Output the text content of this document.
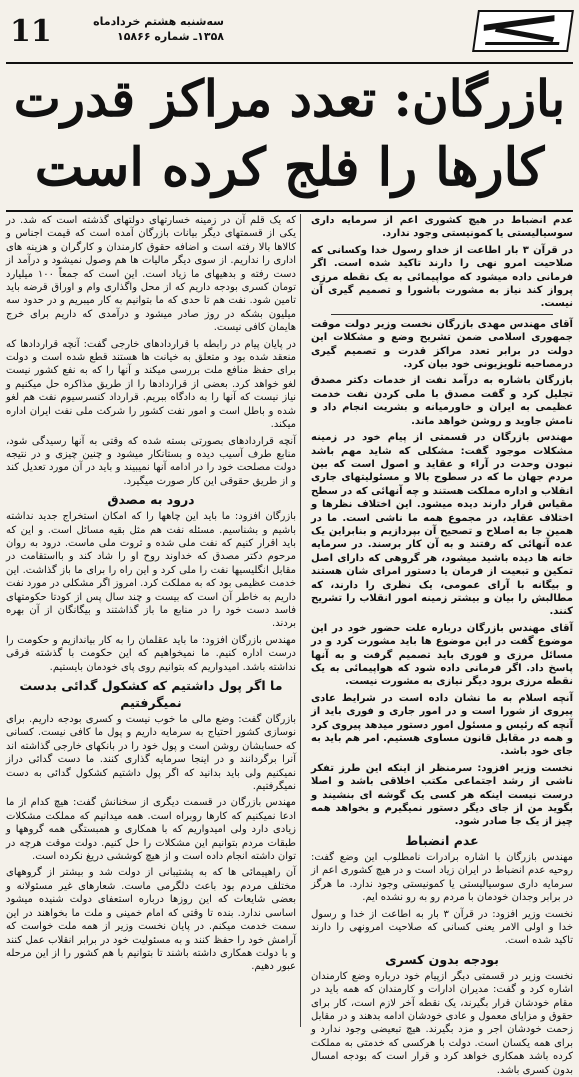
سه‌شنبه هشتم خردادماه
۱۳۵۸ـ شماره ۱۵۸۶۶
11
بازرگان: تعدد مراکز قدرت
کارها را فلج کرده است

عدم انضباط در هیچ کشوری اعم از سرمایه داری سوسیالیستی یا کمونیستی وجود ندارد.

در قرآن ۳ بار اطاعت از خداو رسول خدا وکسانی که صلاحیت امرو نهی را دارند تاکید شده است. اگر فرمانی داده میشود که مواپیمائی به یک نقطه مرزی پرواز کند نیاز به مشورت باشورا و تصمیم گیری آن نیست.

آقای مهندس مهدی بازرگان نخست وزیر دولت موقت جمهوری اسلامی ضمن تشریح وضع و مشکلات این دولت در برابر تعدد مراکز قدرت و تصمیم گیری درمصاحبه تلویزیونی خود بیان کرد.

بازرگان باشاره به درآمد نفت از خدمات دکتر مصدق تجلیل کرد و گفت مصدق با ملی کردن نفت خدمت عظیمی به ایران و خاورمیانه و بشریت انجام داد و نامش جاوید و روشن خواهد ماند.

مهندس بازرگان در قسمتی از پیام خود در زمینه مشکلات موجود گفت: مشکلی که شاید مهم باشد نبودن وحدت در آراء و عقاید و اصول است که بین مردم جهان ما که در سطوح بالا و مسئولیتهای جاری انقلاب و اداره مملکت هستند و چه آنهائی که در سطح مقیاس قرار دارند دیده میشود. این اختلاف نظرها و اختلاف عقاید، در مجموع همه ما ناشی است. ما در همین جا به اصلاح و تصحیح آن بپردازیم و بنابراین یک عده آنهائی که رفتند و به آن کار برسند. در سرمایه خانه ها دیده باشید میشود، هر گروهی که دارای اصل تمکین و تبعیت از فرمان یا دستور امرای شان هستند و بیگانه با آرای عمومی، یک نظری را دارند، که مطالبش را بیان و بیشتر زمینه امور انقلاب را تشریح کنند.

آقای مهندس بازرگان درباره علت حضور خود در این موضوع گفت در این موضوع ها باید مشورت کرد و در مسائل مرزی و فوری باید تصمیم گرفت و به آنها پاسخ داد. اگر فرمانی داده شود که هواپیمائی به یک نقطه مرزی برود دیگر نیازی به مشورت نیست.

آنچه اسلام به ما نشان داده است در شرایط عادی پیروی از شورا است و در امور جاری و فوری باید از آنچه که رئیس و مسئول امور دستور میدهد پیروی کرد و همه در مقابل قانون مساوی هستیم. امر هم باید به جای خود باشد.

نخست وزیر افزود: سرمنظر از اینکه این طرز تفکر ناشی از رشد اجتماعی مکتب اخلاقی باشد و اصلا درست نیست اینکه هر کسی یک گوشه ای بنشیند و بگوید من از جای دیگر دستور نمیگیرم و بخواهد همه چیز از یک جا صادر شود.

عدم انضباط

مهندس بازرگان با اشاره برادرات نامطلوب این وضع گفت: روحیه عدم انضباط در ایران زیاد است و در هیچ کشوری اعم از سرمایه داری سوسیالیستی یا کمونیستی وجود ندارد. ما هرگز در برابر وجدان خودمان با مردم رو به رو نشده ایم.

نخست وزیر افزود: در قرآن ۳ بار به اطاعت از خدا و رسول خدا و اولی الامر یعنی کسانی که صلاحیت امرونهی را دارند تاکید شده است.

بودجه بدون کسری

نخست وزیر در قسمتی دیگر ازپیام خود درباره وضع کارمندان اشاره کرد و گفت: مدیران ادارات و کارمندان که همه باید در مقام خودشان قرار بگیرند، یک نقطه آخر لازم است، کار برای حقوق و مزایای معمول و عادی خودشان ادامه بدهند و در مقابل زحمت خودشان اجر و مزد بگیرند. هیچ تبعیضی وجود ندارد و برای همه یکسان است. دولت با هرکسی که خدمتی به مملکت کرده باشد همکاری خواهد کرد و قرار است که بودجه امسال بدون کسری باشد.

که یک قلم آن در زمینه خسارتهای دولتهای گذشته است که شد. در یکی از قسمتهای دیگر بیانات بازرگان آمده است که قیمت اجناس و کالاها بالا رفته است و اضافه حقوق کارمندان و کارگران و هزینه های اداری را نداریم. از سوی دیگر مالیات ها هم وصول نمیشود و درآمد از دست رفته و بدهیهای ما زیاد است. این است که جمعاً ۱۰۰ میلیارد تومان کسری بودجه داریم که از محل واگذاری وام و اوراق قرضه باید تامین شود. نفت هم تا حدی که ما بتوانیم به کار میبریم و در حدود سه میلیون بشکه در روز صادر میشود و درآمدی که داریم برای خرج هایمان کافی نیست.

در پایان پیام در رابطه با قراردادهای خارجی گفت: آنچه قراردادها که منعقد شده بود و متعلق به خیانت ها هستند قطع شده است و دولت برای حفظ منافع ملت بررسی میکند و آنها را که به نفع کشور نیست لغو خواهد کرد. بعضی از قراردادها را از طریق مذاکره حل میکنیم و نیاز نیست که آنها را به دادگاه ببریم. قرارداد کنسرسیوم نفت هم لغو شده و باطل است و امور نفت کشور را شرکت ملی نفت ایران اداره میکند.

آنچه قراردادهای بصورتی بسته شده که وقتی به آنها رسیدگی شود، منابع طرف آسیب دیده و بستانکار میشود و چنین چیزی و در نتیجه دولت مصلحت خود را در ادامه آنها نمیبیند و باید در آن مورد تعدیل کند و از طریق حقوقی این کار صورت میگیرد.

درود به مصدق

بازرگان افزود: ما باید این چاهها را که امکان استخراج جدید نداشته باشیم و بشناسیم. مسئله نفت هم مثل بقیه مسائل است. و این که باید اقرار کنیم که نفت ملی شده و ثروت ملی ماست. درود به روان مرحوم دکتر مصدق که خداوند روح او را شاد کند و بااستقامت در مقابل انگلیسیها نفت را ملی کرد و این راه را برای ما باز گذاشت. این خدمت عظیمی بود که به مملکت کرد. امروز اگر مشکلی در مورد نفت داریم به خاطر آن است که بیست و چند سال پس از کودتا حکومتهای فاسد دست خود را در منابع ما باز گذاشتند و بیگانگان از آن بهره بردند.

مهندس بازرگان افزود: ما باید عقلمان را به کار بیاندازیم و حکومت را درست اداره کنیم. ما نمیخواهیم که این حکومت با گذشته فرقی نداشته باشد. امیدواریم که بتوانیم روی پای خودمان بایستیم.

ما اگر پول داشتیم که کشکول گدائی بدست نمیگرفتیم

بازرگان گفت: وضع مالی ما خوب نیست و کسری بودجه داریم. برای نوسازی کشور احتیاج به سرمایه داریم و پول ما کافی نیست. کسانی که حسابشان روشن است و پول خود را در بانکهای خارجی گذاشته اند آنرا برگردانند و در اینجا سرمایه گذاری کنند. ما دست گدائی دراز نمیکنیم ولی باید بدانید که اگر پول داشتیم کشکول گدائی به دست نمیگرفتیم.

مهندس بازرگان در قسمت دیگری از سخنانش گفت: هیچ کدام از ما ادعا نمیکنیم که کارها روبراه است. همه میدانیم که مملکت مشکلات زیادی دارد ولی امیدواریم که با همکاری و همبستگی همه گروهها و طبقات مردم بتوانیم این مشکلات را حل کنیم. دولت موقت هرچه در توان داشته انجام داده است و از هیچ کوششی دریغ نکرده است.

آن راهپیمائی ها که به پشتیبانی از دولت شد و بیشتر از گروههای مختلف مردم بود باعث دلگرمی ماست. شعارهای غیر مسئولانه و بعضی شایعات که این روزها درباره استعفای دولت شنیده میشود اساسی ندارد. بنده تا وقتی که امام خمینی و ملت ما بخواهند در این سمت خدمت میکنم. در پایان نخست وزیر از همه ملت خواست که آرامش خود را حفظ کنند و به مسئولیت خود در برابر انقلاب عمل کنند و با دولت همکاری داشته باشند تا بتوانیم با هم کشور را از این مرحله عبور دهیم.
